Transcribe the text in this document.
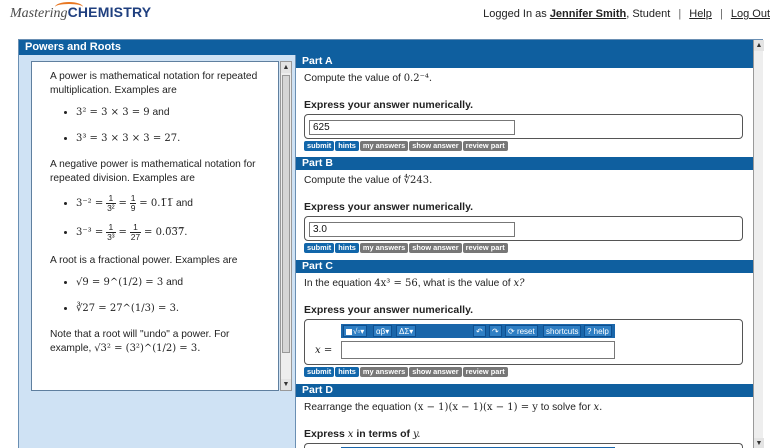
MasteringCHEMISTRY	Logged In as Jennifer Smith, Student | Help | Log Out
Powers and Roots

A power is mathematical notation for repeated multiplication. Examples are

• 3² = 3 × 3 = 9 and
• 3³ = 3 × 3 × 3 = 27.

A negative power is mathematical notation for repeated division. Examples are

• $3^{-2} = \frac{1}{\text{3²}} = \frac{1}{9}$ = 0.1̅1̅ and
• $3^{-3} = \frac{1}{\text{3³}} = \frac{1}{27}$ = 0.0̅3̅7̅.

A root is a fractional power. Examples are

• √9 = 9^(1/2) = 3 and
• ∛27 = 27^(1/3) = 3.

Note that a root will "undo" a power. For example, √3² = (3²)^(1/2) = 3.

▲
▼
Part A
Compute the value of 0.2⁻⁴.
Express your answer numerically.
625
submit hints my answers show answer review part
Part B
Compute the value of ∜243.
Express your answer numerically.
3.0
submit hints my answers show answer review part
Part C
In the equation 4x³ = 56, what is the value of x?
Express your answer numerically.
√▫▾	αβ▾	ΔΣ▾	↶	↷	⟳ reset	shortcuts	? help
x =
submit hints my answers show answer review part
Part D
Rearrange the equation (x − 1)(x − 1)(x − 1) = y to solve for x.
Express x in terms of y.
▲
▼
